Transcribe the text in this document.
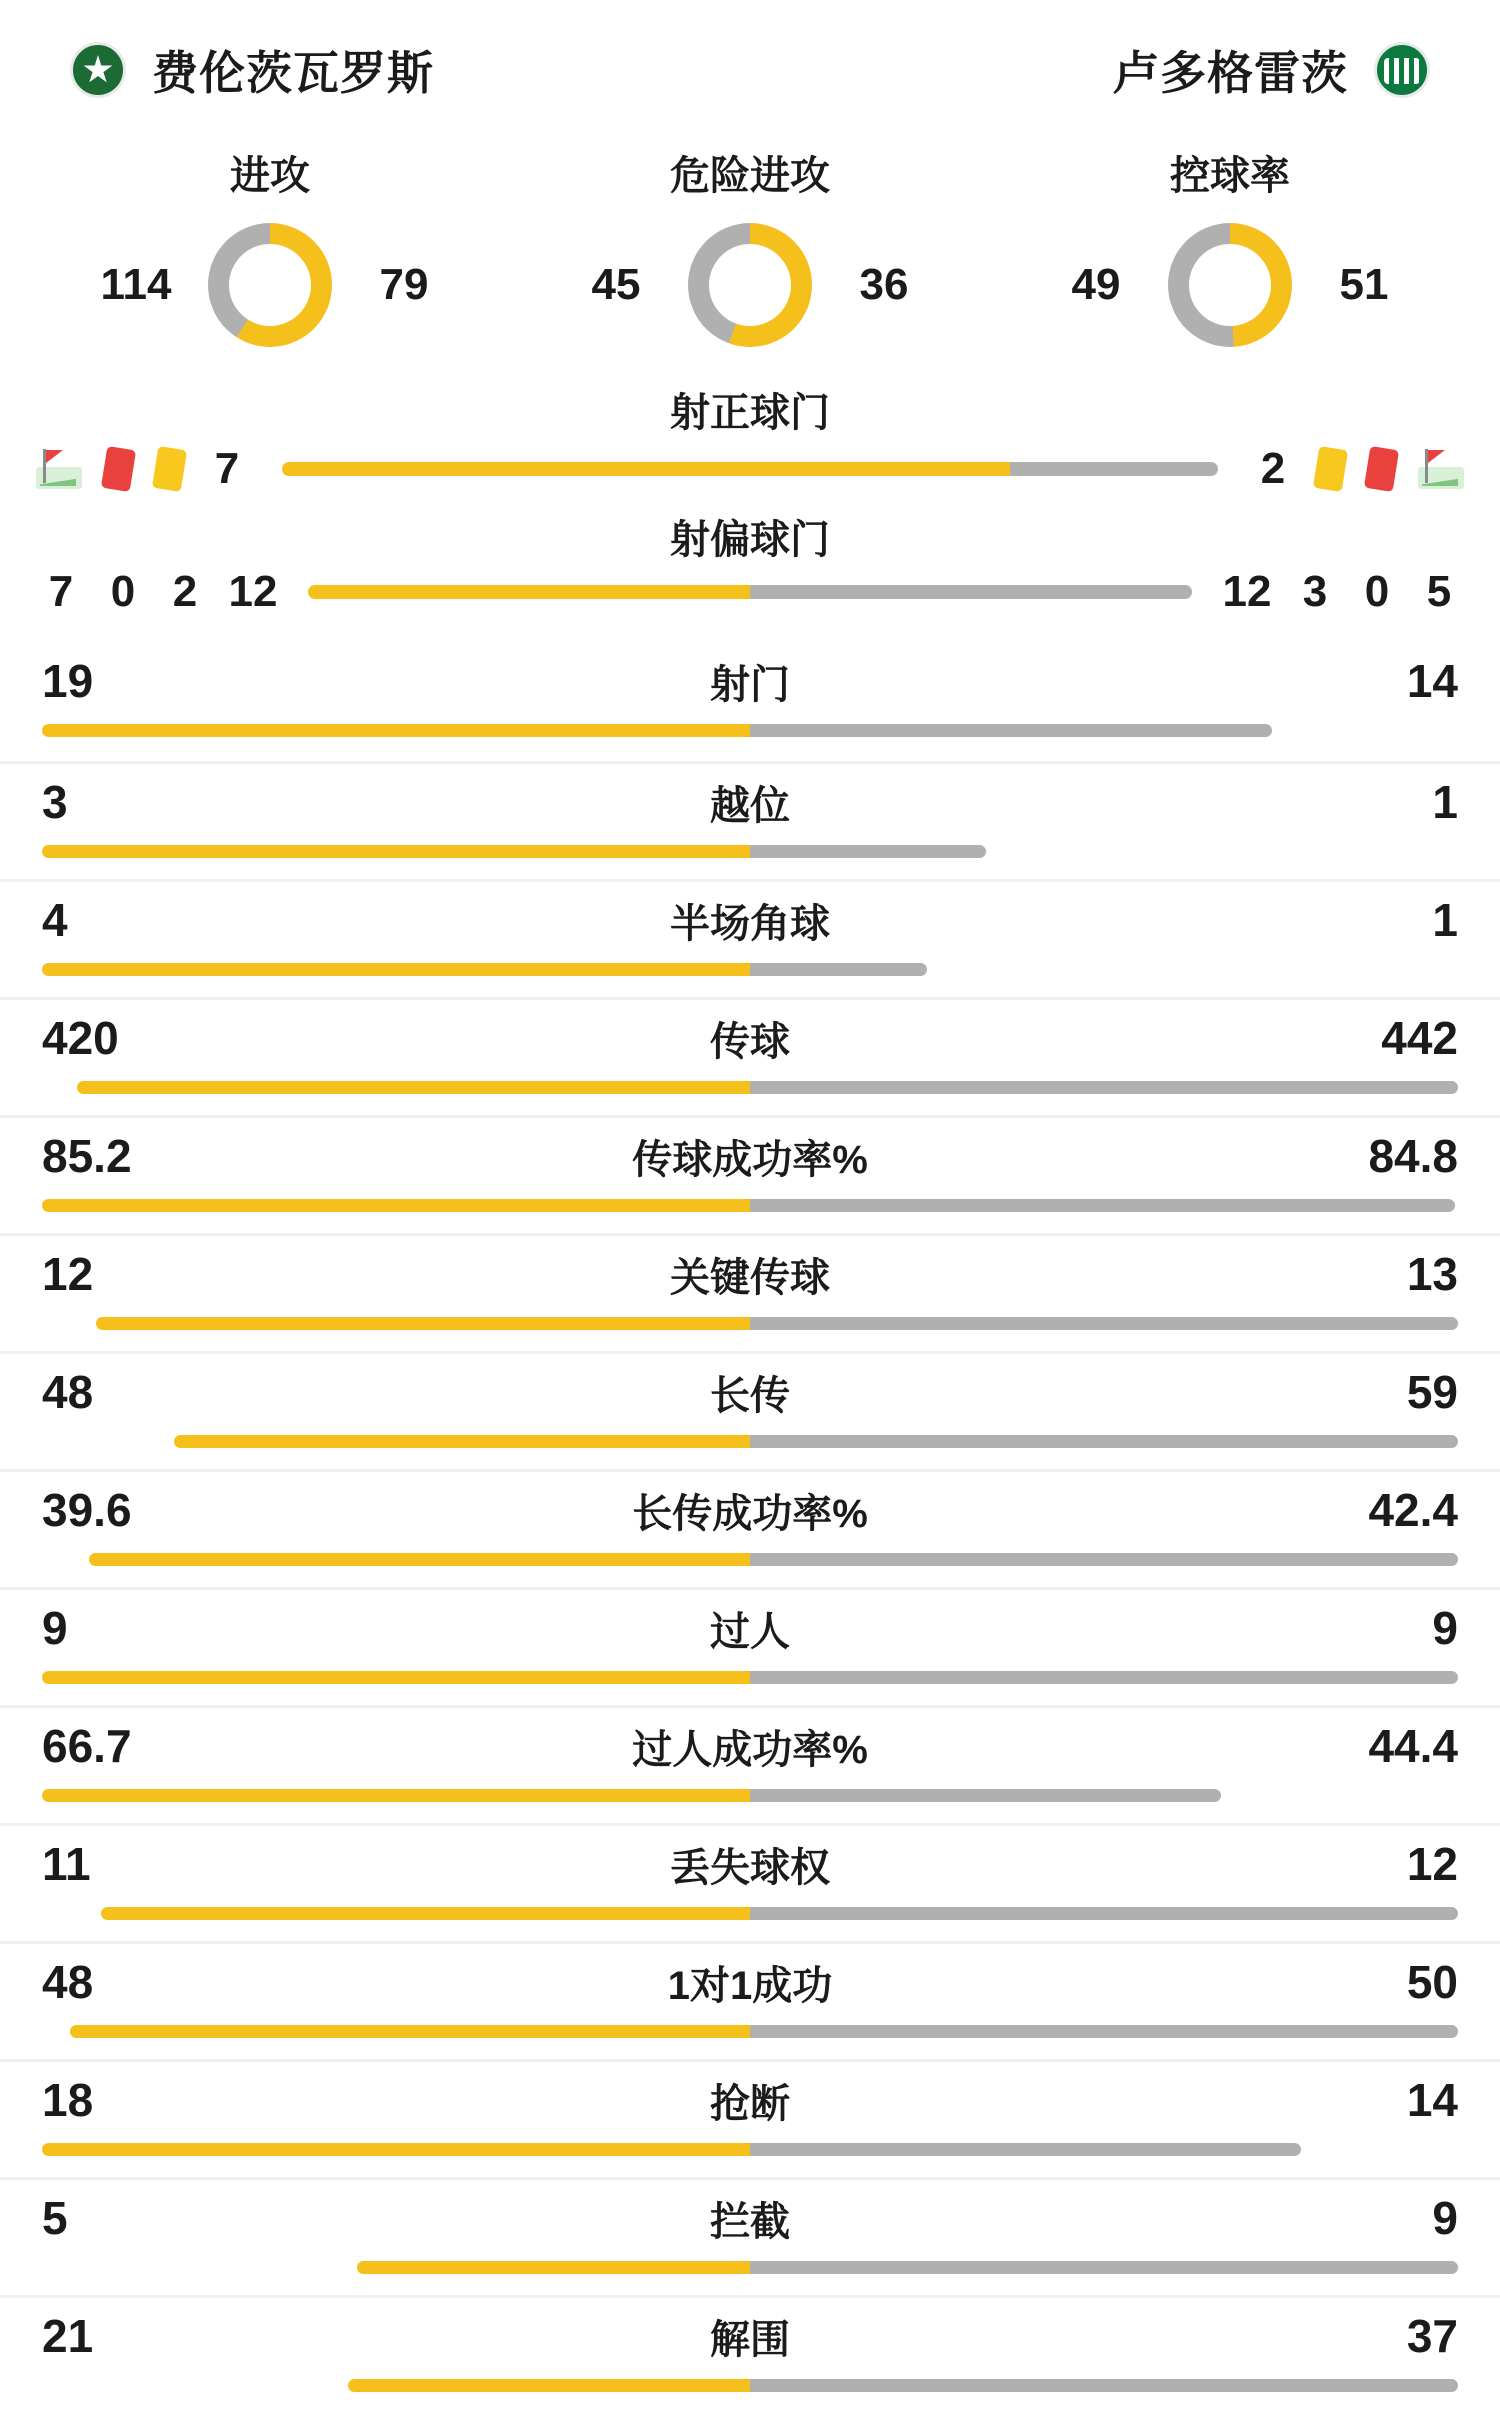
费伦茨瓦罗斯	卢多格雷茨
进攻
114	79
危险进攻
45	36
控球率
49	51
射正球门
7	2
射偏球门
7 0 2 12	12 3 0 5
19	射门	14
3	越位	1
4	半场角球	1
420	传球	442
85.2	传球成功率%	84.8
12	关键传球	13
48	长传	59
39.6	长传成功率%	42.4
9	过人	9
66.7	过人成功率%	44.4
11	丢失球权	12
48	1对1成功	50
18	抢断	14
5	拦截	9
21	解围	37
